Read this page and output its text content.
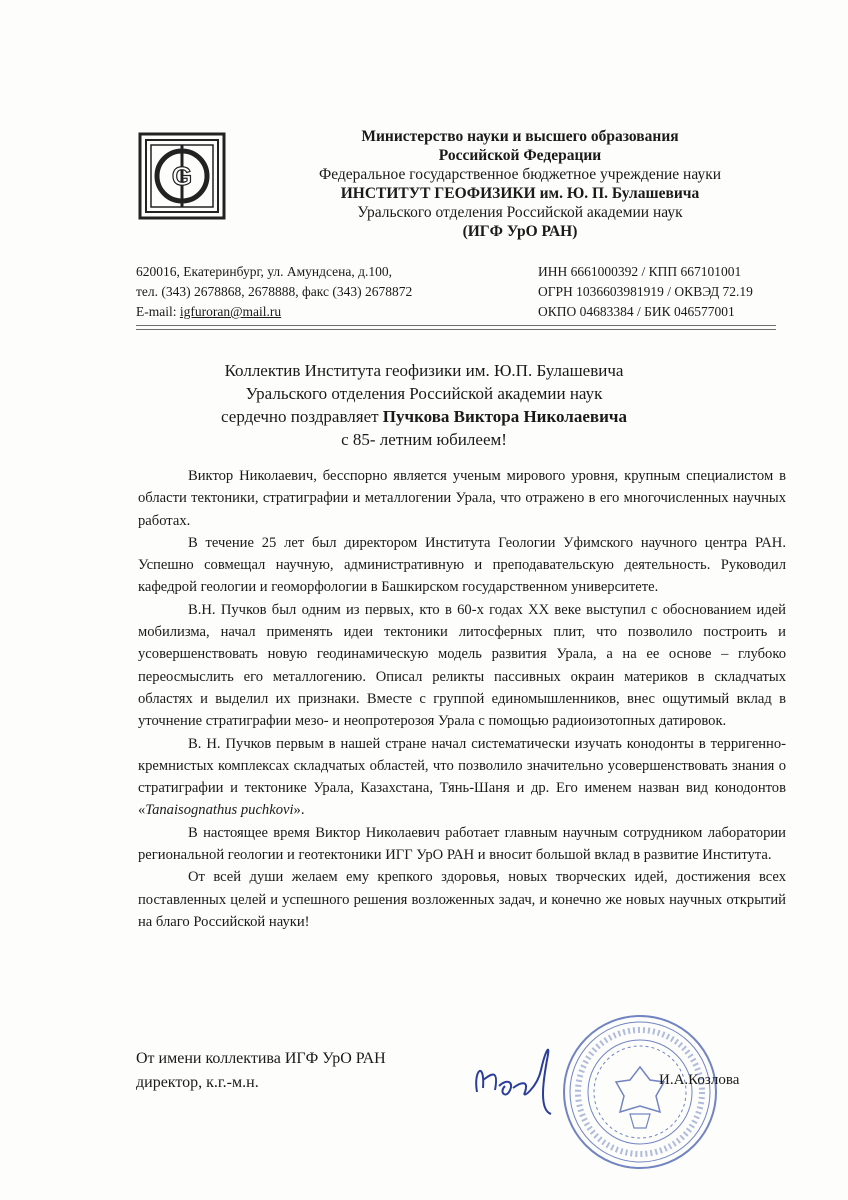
G
Министерство науки и высшего образования
Российской Федерации
Федеральное государственное бюджетное учреждение науки
ИНСТИТУТ ГЕОФИЗИКИ им. Ю. П. Булашевича
Уральского отделения Российской академии наук
(ИГФ УрО РАН)
620016, Екатеринбург, ул. Амундсена, д.100,
тел. (343) 2678868, 2678888, факс (343) 2678872
E-mail: igfuroran@mail.ru
ИНН 6661000392 / КПП 667101001
ОГРН 1036603981919 / ОКВЭД 72.19
ОКПО 04683384 / БИК 046577001
Коллектив Института геофизики им. Ю.П. Булашевича
Уральского отделения Российской академии наук
сердечно поздравляет Пучкова Виктора Николаевича
с 85- летним юбилеем!

Виктор Николаевич, бесспорно является ученым мирового уровня, крупным специалистом в области тектоники, стратиграфии и металлогении Урала, что отражено в его многочисленных научных работах.

В течение 25 лет был директором Института Геологии Уфимского научного центра РАН. Успешно совмещал научную, административную и преподавательскую деятельность. Руководил кафедрой геологии и геоморфологии в Башкирском государственном университете.

В.Н. Пучков был одним из первых, кто в 60-х годах XX веке выступил с обоснованием идей мобилизма, начал применять идеи тектоники литосферных плит, что позволило построить и усовершенствовать новую геодинамическую модель развития Урала, а на ее основе – глубоко переосмыслить его металлогению. Описал реликты пассивных окраин материков в складчатых областях и выделил их признаки. Вместе с группой единомышленников, внес ощутимый вклад в уточнение стратиграфии мезо- и неопротерозоя Урала с помощью радиоизотопных датировок.

В. Н. Пучков первым в нашей стране начал систематически изучать конодонты в терригенно-кремнистых комплексах складчатых областей, что позволило значительно усовершенствовать знания о стратиграфии и тектонике Урала, Казахстана, Тянь-Шаня и др. Его именем назван вид конодонтов «Tanaisognathus puchkovi».

В настоящее время Виктор Николаевич работает главным научным сотрудником лаборатории региональной геологии и геотектоники ИГГ УрО РАН и вносит большой вклад в развитие Института.

От всей души желаем ему крепкого здоровья, новых творческих идей, достижения всех поставленных целей и успешного решения возложенных задач, и конечно же новых научных открытий на благо Российской науки!

От имени коллектива ИГФ УрО РАН
директор, к.г.-м.н.	И.А.Козлова
